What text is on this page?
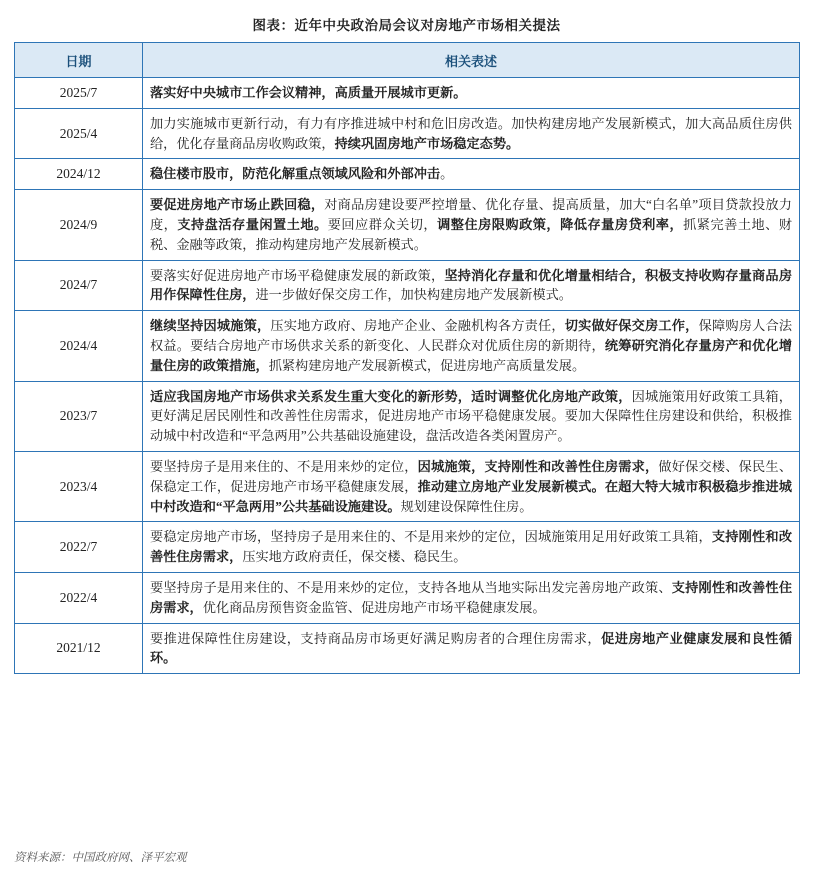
图表：近年中央政治局会议对房地产市场相关提法
日期	相关表述
2025/7	落实好中央城市工作会议精神，高质量开展城市更新。
2025/4	加力实施城市更新行动，有力有序推进城中村和危旧房改造。加快构建房地产发展新模式，加大高品质住房供给，优化存量商品房收购政策，持续巩固房地产市场稳定态势。
2024/12	稳住楼市股市，防范化解重点领域风险和外部冲击。
2024/9	要促进房地产市场止跌回稳，对商品房建设要严控增量、优化存量、提高质量，加大“白名单”项目贷款投放力度，支持盘活存量闲置土地。要回应群众关切，调整住房限购政策，降低存量房贷利率，抓紧完善土地、财税、金融等政策，推动构建房地产发展新模式。
2024/7	要落实好促进房地产市场平稳健康发展的新政策，坚持消化存量和优化增量相结合，积极支持收购存量商品房用作保障性住房，进一步做好保交房工作，加快构建房地产发展新模式。
2024/4	继续坚持因城施策，压实地方政府、房地产企业、金融机构各方责任，切实做好保交房工作，保障购房人合法权益。要结合房地产市场供求关系的新变化、人民群众对优质住房的新期待，统筹研究消化存量房产和优化增量住房的政策措施，抓紧构建房地产发展新模式，促进房地产高质量发展。
2023/7	适应我国房地产市场供求关系发生重大变化的新形势，适时调整优化房地产政策，因城施策用好政策工具箱，更好满足居民刚性和改善性住房需求，促进房地产市场平稳健康发展。要加大保障性住房建设和供给，积极推动城中村改造和“平急两用”公共基础设施建设，盘活改造各类闲置房产。
2023/4	要坚持房子是用来住的、不是用来炒的定位，因城施策，支持刚性和改善性住房需求，做好保交楼、保民生、保稳定工作，促进房地产市场平稳健康发展，推动建立房地产业发展新模式。在超大特大城市积极稳步推进城中村改造和“平急两用”公共基础设施建设。规划建设保障性住房。
2022/7	要稳定房地产市场，坚持房子是用来住的、不是用来炒的定位，因城施策用足用好政策工具箱，支持刚性和改善性住房需求，压实地方政府责任，保交楼、稳民生。
2022/4	要坚持房子是用来住的、不是用来炒的定位，支持各地从当地实际出发完善房地产政策、支持刚性和改善性住房需求，优化商品房预售资金监管、促进房地产市场平稳健康发展。
2021/12	要推进保障性住房建设，支持商品房市场更好满足购房者的合理住房需求，促进房地产业健康发展和良性循环。
资料来源：中国政府网、泽平宏观
